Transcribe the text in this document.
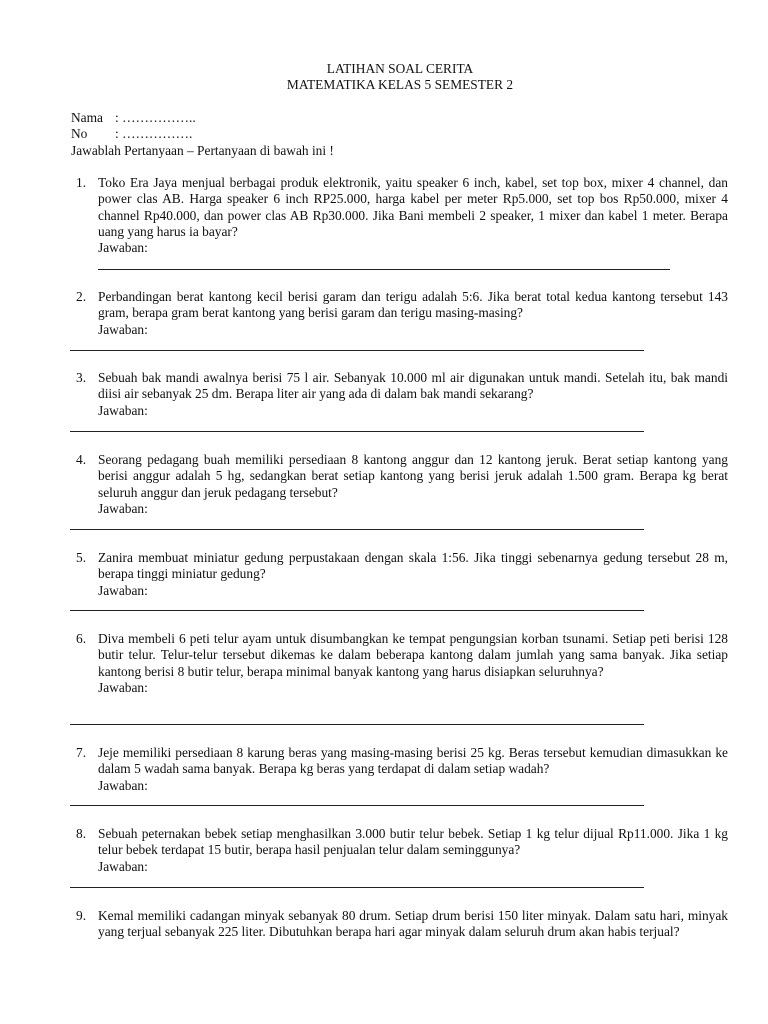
LATIHAN SOAL CERITA
MATEMATIKA KELAS 5 SEMESTER 2
Nama : ……………..
No : …………….
Jawablah Pertanyaan – Pertanyaan di bawah ini !
1. Toko Era Jaya menjual berbagai produk elektronik, yaitu speaker 6 inch, kabel, set top box, mixer 4 channel, dan power clas AB. Harga speaker 6 inch RP25.000, harga kabel per meter Rp5.000, set top bos Rp50.000, mixer 4 channel Rp40.000, dan power clas AB Rp30.000. Jika Bani membeli 2 speaker, 1 mixer dan kabel 1 meter. Berapa uang yang harus ia bayar?
Jawaban:
2. Perbandingan berat kantong kecil berisi garam dan terigu adalah 5:6. Jika berat total kedua kantong tersebut 143 gram, berapa gram berat kantong yang berisi garam dan terigu masing-masing?
Jawaban:
3. Sebuah bak mandi awalnya berisi 75 l air. Sebanyak 10.000 ml air digunakan untuk mandi. Setelah itu, bak mandi diisi air sebanyak 25 dm. Berapa liter air yang ada di dalam bak mandi sekarang?
Jawaban:
4. Seorang pedagang buah memiliki persediaan 8 kantong anggur dan 12 kantong jeruk. Berat setiap kantong yang berisi anggur adalah 5 hg, sedangkan berat setiap kantong yang berisi jeruk adalah 1.500 gram. Berapa kg berat seluruh anggur dan jeruk pedagang tersebut?
Jawaban:
5. Zanira membuat miniatur gedung perpustakaan dengan skala 1:56. Jika tinggi sebenarnya gedung tersebut 28 m, berapa tinggi miniatur gedung?
Jawaban:
6. Diva membeli 6 peti telur ayam untuk disumbangkan ke tempat pengungsian korban tsunami. Setiap peti berisi 128 butir telur. Telur-telur tersebut dikemas ke dalam beberapa kantong dalam jumlah yang sama banyak. Jika setiap kantong berisi 8 butir telur, berapa minimal banyak kantong yang harus disiapkan seluruhnya?
Jawaban:
7. Jeje memiliki persediaan 8 karung beras yang masing-masing berisi 25 kg. Beras tersebut kemudian dimasukkan ke dalam 5 wadah sama banyak. Berapa kg beras yang terdapat di dalam setiap wadah?
Jawaban:
8. Sebuah peternakan bebek setiap menghasilkan 3.000 butir telur bebek. Setiap 1 kg telur dijual Rp11.000. Jika 1 kg telur bebek terdapat 15 butir, berapa hasil penjualan telur dalam seminggunya?
Jawaban:
9. Kemal memiliki cadangan minyak sebanyak 80 drum. Setiap drum berisi 150 liter minyak. Dalam satu hari, minyak yang terjual sebanyak 225 liter. Dibutuhkan berapa hari agar minyak dalam seluruh drum akan habis terjual?
